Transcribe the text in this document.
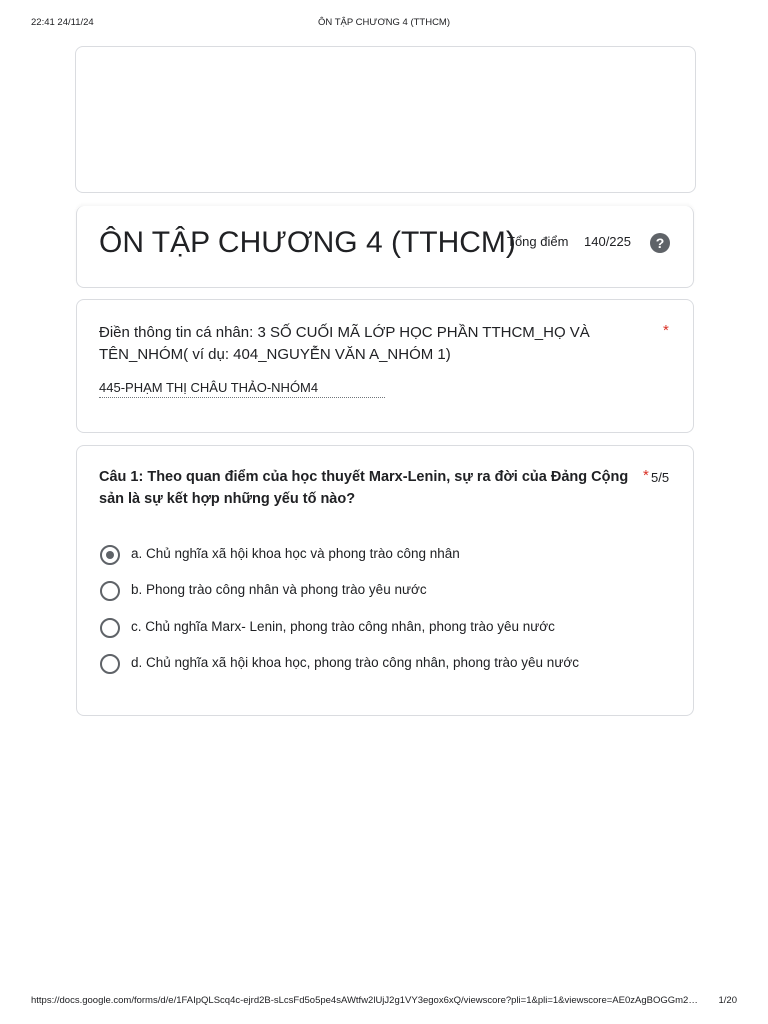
22:41 24/11/24	ÔN TẬP CHƯƠNG 4 (TTHCM)
ÔN TẬP CHƯƠNG 4 (TTHCM)
Tổng điểm 140/225	?
Điền thông tin cá nhân: 3 SỐ CUỐI MÃ LỚP HỌC PHẦN TTHCM_HỌ VÀ TÊN_NHÓM( ví dụ: 404_NGUYỄN VĂN A_NHÓM 1)
*
445-PHẠM THỊ CHÂU THẢO-NHÓM4
Câu 1: Theo quan điểm của học thuyết Marx-Lenin, sự ra đời của Đảng Cộng sản là sự kết hợp những yếu tố nào?
* 5/5
a. Chủ nghĩa xã hội khoa học và phong trào công nhân
b. Phong trào công nhân và phong trào yêu nước
c. Chủ nghĩa Marx- Lenin, phong trào công nhân, phong trào yêu nước
d. Chủ nghĩa xã hội khoa học, phong trào công nhân, phong trào yêu nước
https://docs.google.com/forms/d/e/1FAIpQLScq4c-ejrd2B-sLcsFd5o5pe4sAWtfw2lUjJ2g1VY3egox6xQ/viewscore?pli=1&pli=1&viewscore=AE0zAgBOGGm2zA	1/20
